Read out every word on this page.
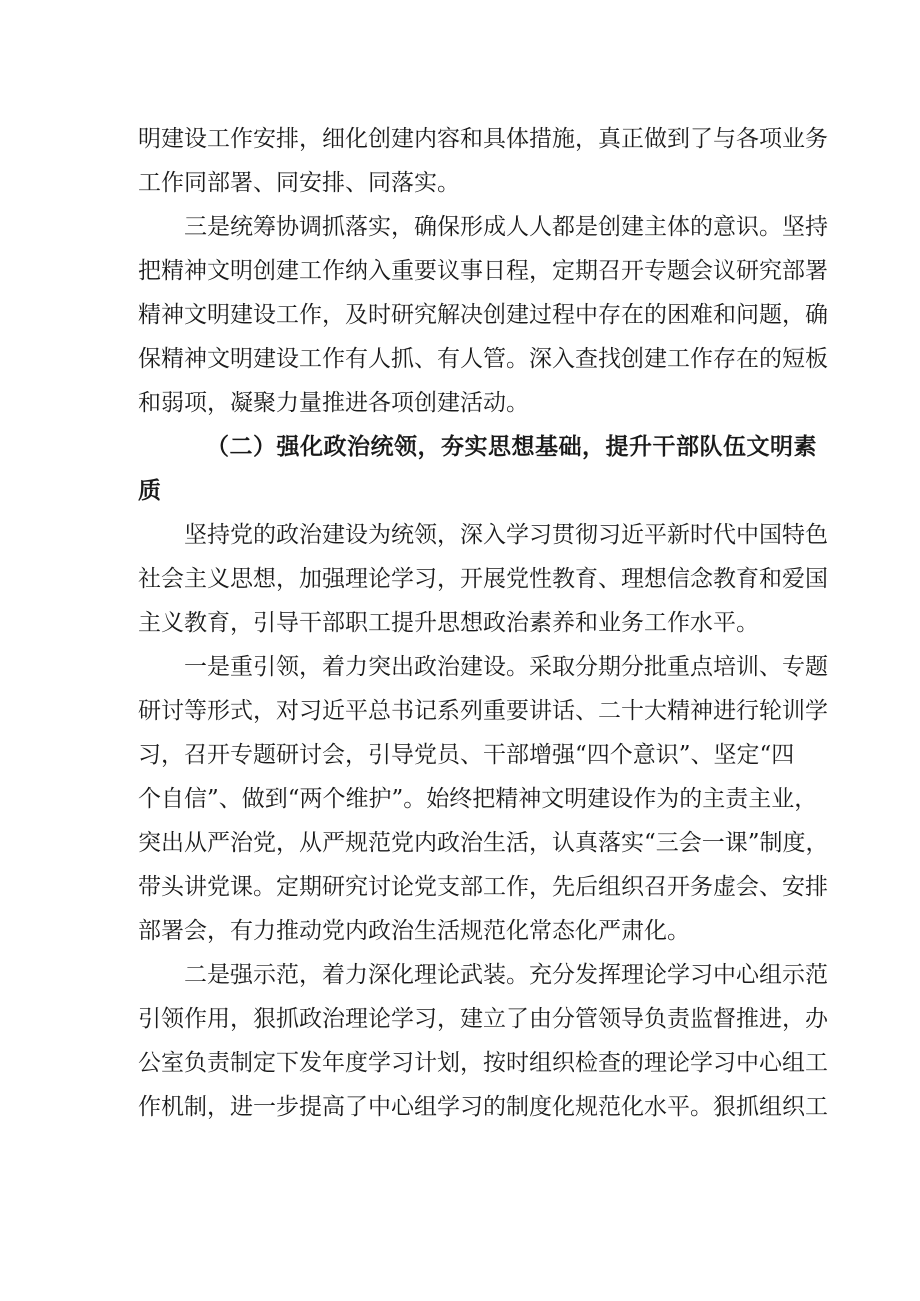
明建设工作安排，细化创建内容和具体措施，真正做到了与各项业务
工作同部署、同安排、同落实。
三是统筹协调抓落实，确保形成人人都是创建主体的意识。坚持
把精神文明创建工作纳入重要议事日程，定期召开专题会议研究部署
精神文明建设工作，及时研究解决创建过程中存在的困难和问题，确
保精神文明建设工作有人抓、有人管。深入查找创建工作存在的短板
和弱项，凝聚力量推进各项创建活动。
（二）强化政治统领，夯实思想基础，提升干部队伍文明素
质
坚持党的政治建设为统领，深入学习贯彻习近平新时代中国特色
社会主义思想，加强理论学习，开展党性教育、理想信念教育和爱国
主义教育，引导干部职工提升思想政治素养和业务工作水平。
一是重引领，着力突出政治建设。采取分期分批重点培训、专题
研讨等形式，对习近平总书记系列重要讲话、二十大精神进行轮训学
习，召开专题研讨会，引导党员、干部增强“四个意识”、坚定“四
个自信”、做到“两个维护”。始终把精神文明建设作为的主责主业，
突出从严治党，从严规范党内政治生活，认真落实“三会一课”制度，
带头讲党课。定期研究讨论党支部工作，先后组织召开务虚会、安排
部署会，有力推动党内政治生活规范化常态化严肃化。
二是强示范，着力深化理论武装。充分发挥理论学习中心组示范
引领作用，狠抓政治理论学习，建立了由分管领导负责监督推进，办
公室负责制定下发年度学习计划，按时组织检查的理论学习中心组工
作机制，进一步提高了中心组学习的制度化规范化水平。狠抓组织工
